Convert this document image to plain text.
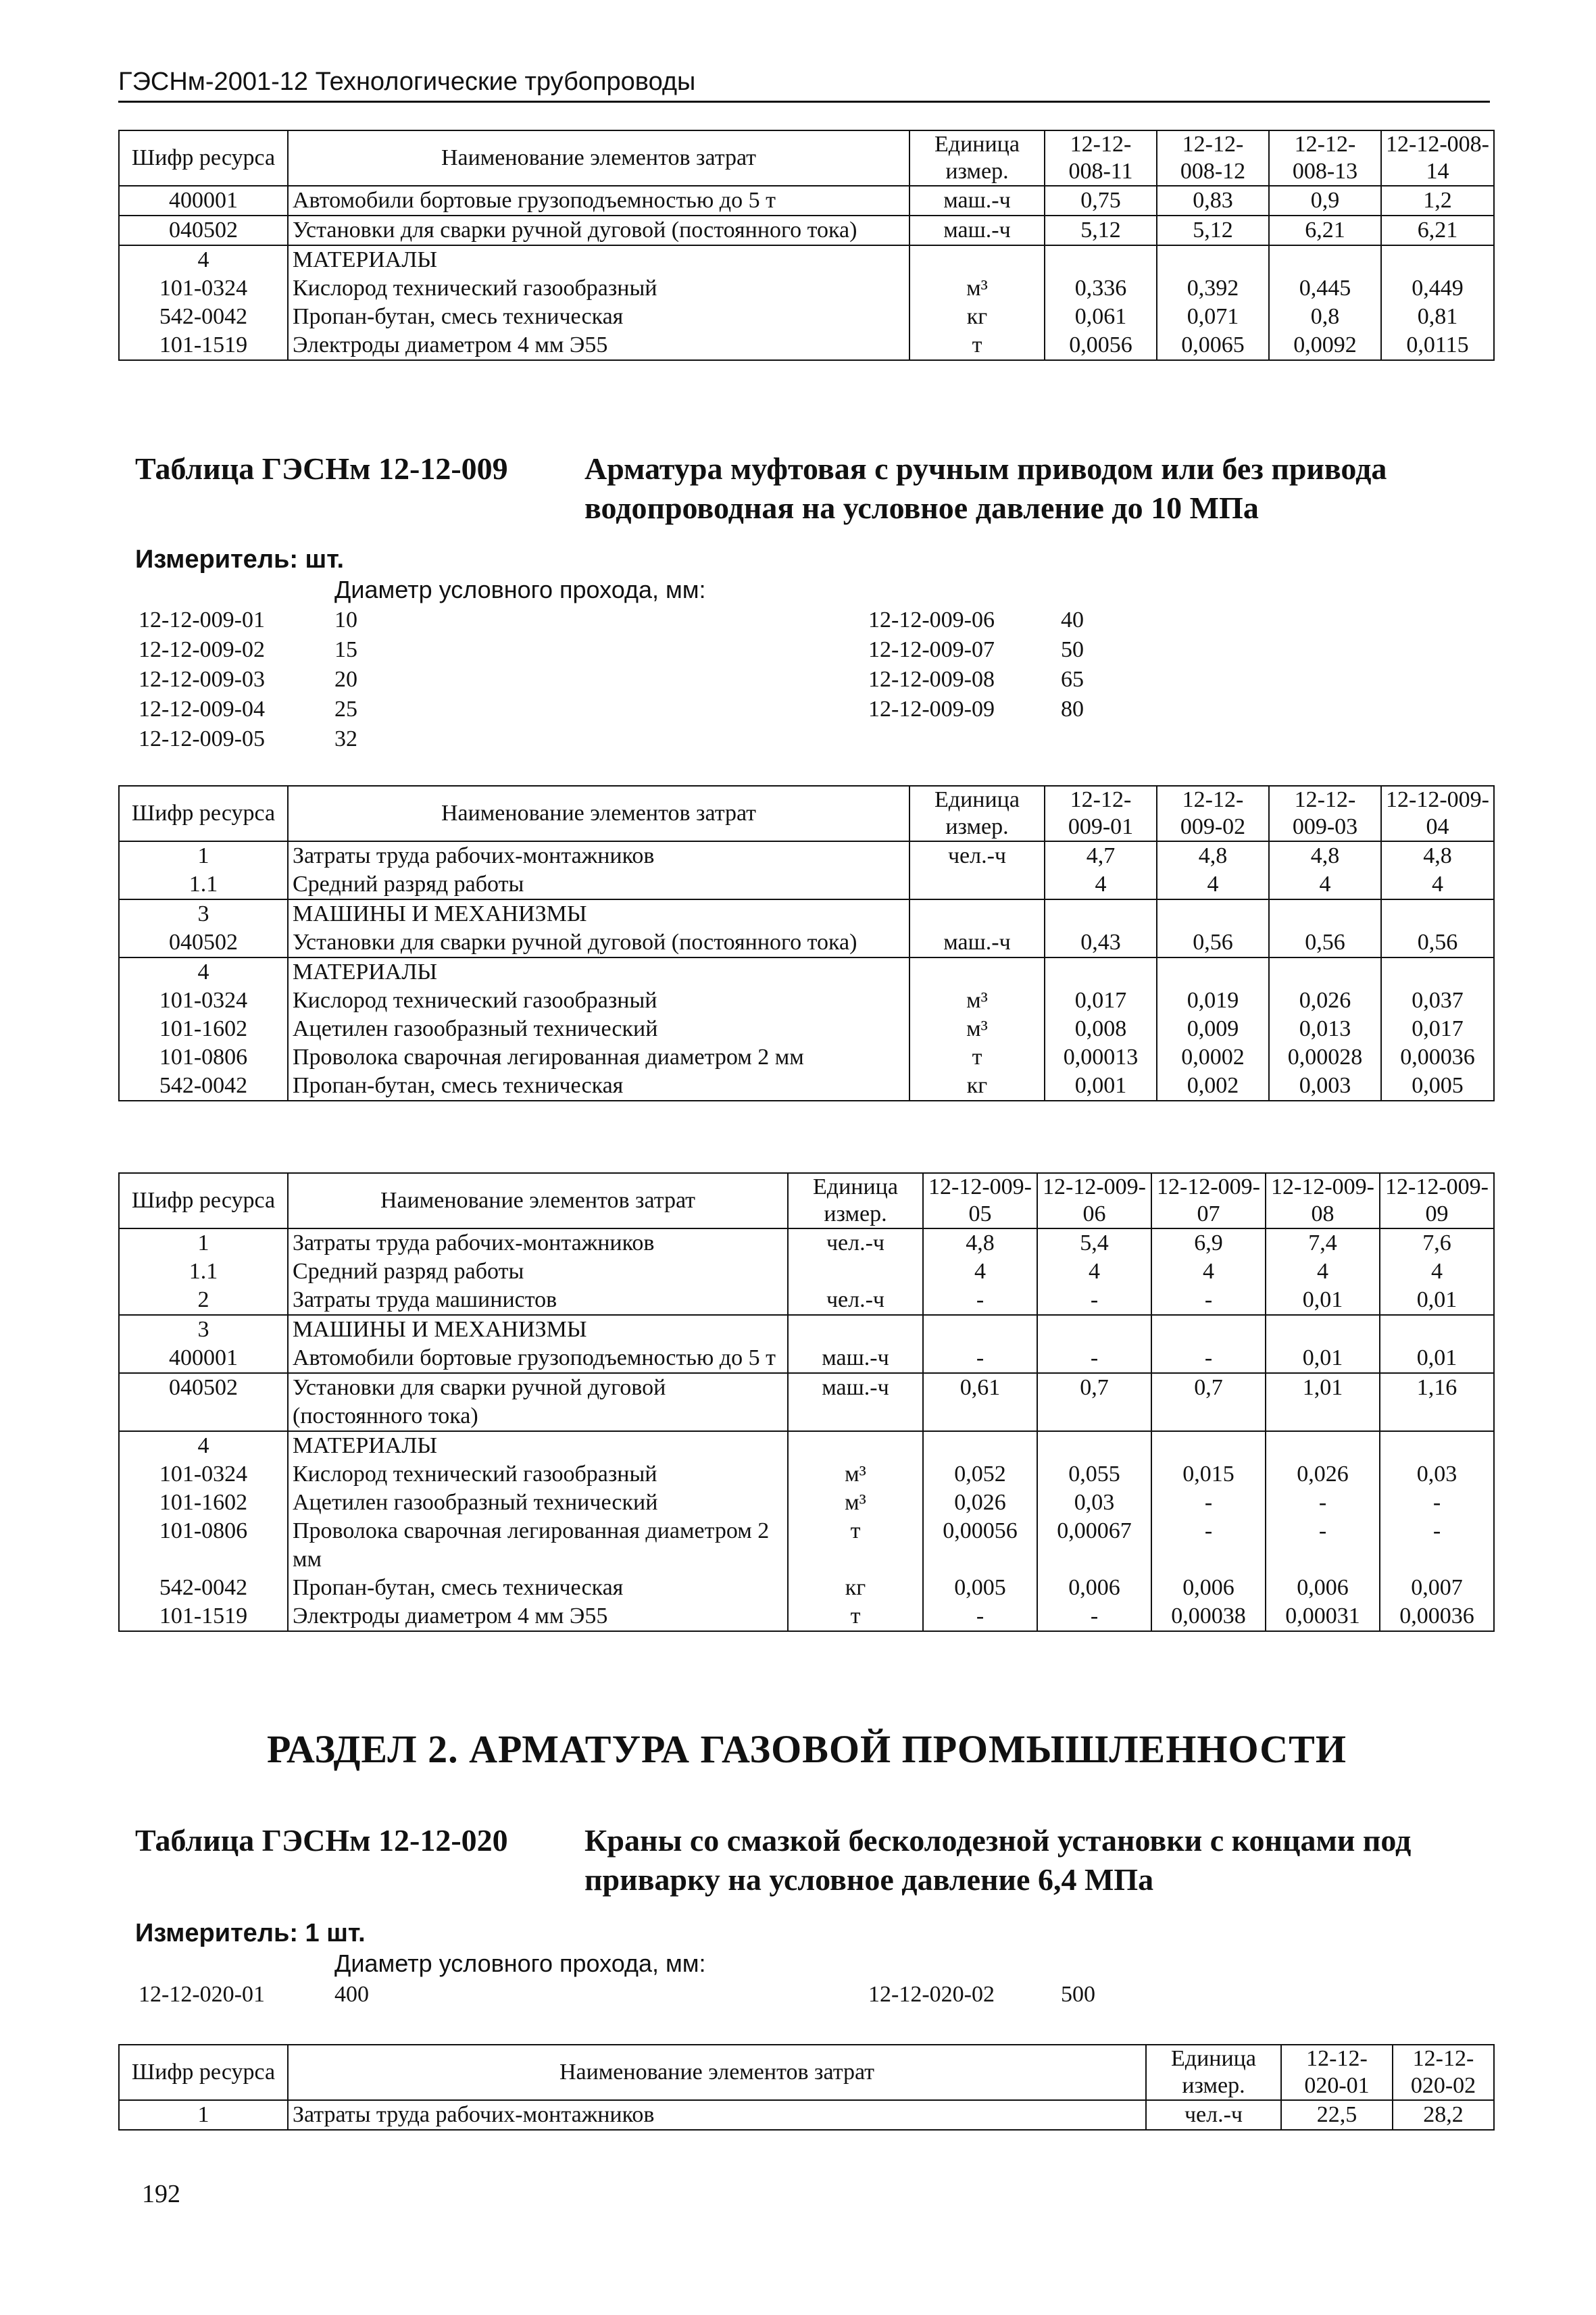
ГЭСНм-2001-12 Технологические трубопроводы
Шифр ресурса	Наименование элементов затрат	Единица измер.	12-12-008-11	12-12-008-12	12-12-008-13	12-12-008-14
400001	Автомобили бортовые грузоподъемностью до 5 т	маш.-ч	0,75	0,83	0,9	1,2
040502	Установки для сварки ручной дуговой (постоянного тока)	маш.-ч	5,12	5,12	6,21	6,21
4	МАТЕРИАЛЫ					
101-0324	Кислород технический газообразный	м³	0,336	0,392	0,445	0,449
542-0042	Пропан-бутан, смесь техническая	кг	0,061	0,071	0,8	0,81
101-1519	Электроды диаметром 4 мм Э55	т	0,0056	0,0065	0,0092	0,0115
Таблица ГЭСНм 12-12-009 Арматура муфтовая с ручным приводом или без привода водопроводная на условное давление до 10 МПа
Измеритель: шт.
Диаметр условного прохода, мм:
12-12-009-01	10
12-12-009-02	15
12-12-009-03	20
12-12-009-04	25
12-12-009-05	32
12-12-009-06	40
12-12-009-07	50
12-12-009-08	65
12-12-009-09	80
Шифр ресурса	Наименование элементов затрат	Единица измер.	12-12-009-01	12-12-009-02	12-12-009-03	12-12-009-04
1	Затраты труда рабочих-монтажников	чел.-ч	4,7	4,8	4,8	4,8
1.1	Средний разряд работы		4	4	4	4
3	МАШИНЫ И МЕХАНИЗМЫ					
040502	Установки для сварки ручной дуговой (постоянного тока)	маш.-ч	0,43	0,56	0,56	0,56
4	МАТЕРИАЛЫ					
101-0324	Кислород технический газообразный	м³	0,017	0,019	0,026	0,037
101-1602	Ацетилен газообразный технический	м³	0,008	0,009	0,013	0,017
101-0806	Проволока сварочная легированная диаметром 2 мм	т	0,00013	0,0002	0,00028	0,00036
542-0042	Пропан-бутан, смесь техническая	кг	0,001	0,002	0,003	0,005
Шифр ресурса	Наименование элементов затрат	Единица измер.	12-12-009-05	12-12-009-06	12-12-009-07	12-12-009-08	12-12-009-09
1	Затраты труда рабочих-монтажников	чел.-ч	4,8	5,4	6,9	7,4	7,6
1.1	Средний разряд работы		4	4	4	4	4
2	Затраты труда машинистов	чел.-ч	-	-	-	0,01	0,01
3	МАШИНЫ И МЕХАНИЗМЫ						
400001	Автомобили бортовые грузоподъемностью до 5 т	маш.-ч	-	-	-	0,01	0,01
040502	Установки для сварки ручной дуговой (постоянного тока)	маш.-ч	0,61	0,7	0,7	1,01	1,16
4	МАТЕРИАЛЫ						
101-0324	Кислород технический газообразный	м³	0,052	0,055	0,015	0,026	0,03
101-1602	Ацетилен газообразный технический	м³	0,026	0,03	-	-	-
101-0806	Проволока сварочная легированная диаметром 2 мм	т	0,00056	0,00067	-	-	-
542-0042	Пропан-бутан, смесь техническая	кг	0,005	0,006	0,006	0,006	0,007
101-1519	Электроды диаметром 4 мм Э55	т	-	-	0,00038	0,00031	0,00036
РАЗДЕЛ 2. АРМАТУРА ГАЗОВОЙ ПРОМЫШЛЕННОСТИ
Таблица ГЭСНм 12-12-020 Краны со смазкой бесколодезной установки с концами под приварку на условное давление 6,4 МПа
Измеритель: 1 шт.
Диаметр условного прохода, мм:
12-12-020-01	400	12-12-020-02	500
Шифр ресурса	Наименование элементов затрат	Единица измер.	12-12-020-01	12-12-020-02
1	Затраты труда рабочих-монтажников	чел.-ч	22,5	28,2
192
